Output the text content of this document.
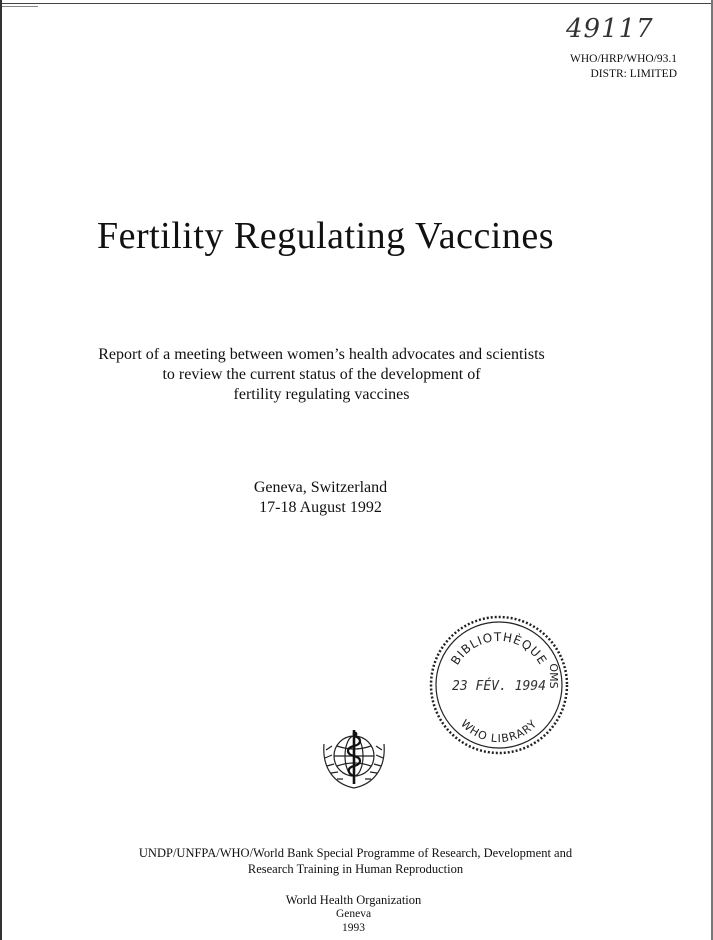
49117
WHO/HRP/WHO/93.1
DISTR: LIMITED
Fertility Regulating Vaccines
Report of a meeting between women’s health advocates and scientists
to review the current status of the development of
fertility regulating vaccines
Geneva, Switzerland
17-18 August 1992
BIBLIOTHÈQUE
OMS
23 FÉV. 1994
WHO LIBRARY
UNDP/UNFPA/WHO/World Bank Special Programme of Research, Development and
Research Training in Human Reproduction
World Health Organization
Geneva
1993
